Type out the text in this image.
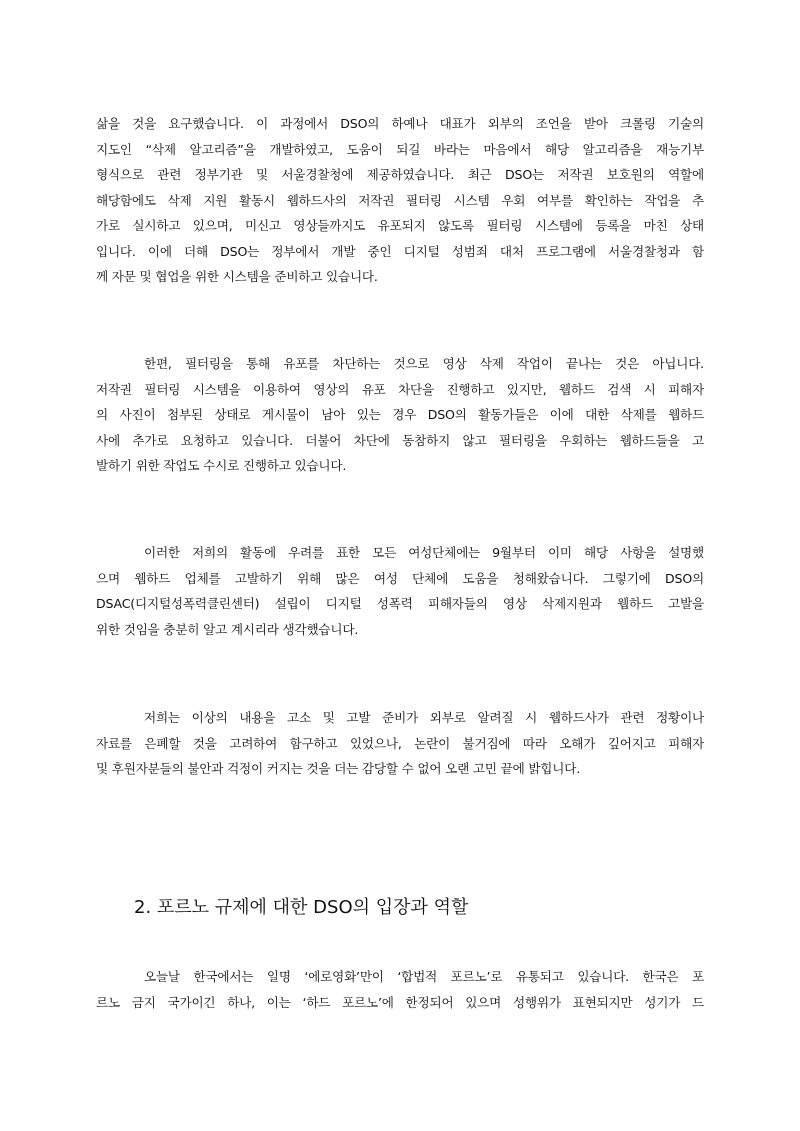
삶을 것을 요구했습니다. 이 과정에서 DSO의 하예나 대표가 외부의 조언을 받아 크롤링 기술의
지도인 “삭제 알고리즘”을 개발하였고, 도움이 되길 바라는 마음에서 해당 알고리즘을 재능기부
형식으로 관련 정부기관 및 서울경찰청에 제공하였습니다. 최근 DSO는 저작권 보호원의 역할에
해당함에도 삭제 지원 활동시 웹하드사의 저작권 필터링 시스템 우회 여부를 확인하는 작업을 추
가로 실시하고 있으며, 미신고 영상들까지도 유포되지 않도록 필터링 시스템에 등록을 마친 상태
입니다. 이에 더해 DSO는 정부에서 개발 중인 디지털 성범죄 대처 프로그램에 서울경찰청과 함
께 자문 및 협업을 위한 시스템을 준비하고 있습니다.

한편, 필터링을 통해 유포를 차단하는 것으로 영상 삭제 작업이 끝나는 것은 아닙니다.
저작권 필터링 시스템을 이용하여 영상의 유포 차단을 진행하고 있지만, 웹하드 검색 시 피해자
의 사진이 첨부된 상태로 게시물이 남아 있는 경우 DSO의 활동가들은 이에 대한 삭제를 웹하드
사에 추가로 요청하고 있습니다. 더불어 차단에 동참하지 않고 필터링을 우회하는 웹하드들을 고
발하기 위한 작업도 수시로 진행하고 있습니다.

이러한 저희의 활동에 우려를 표한 모든 여성단체에는 9월부터 이미 해당 사항을 설명했
으며 웹하드 업체를 고발하기 위해 많은 여성 단체에 도움을 청해왔습니다. 그렇기에 DSO의
DSAC(디지털성폭력클린센터) 설립이 디지털 성폭력 피해자들의 영상 삭제지원과 웹하드 고발을
위한 것임을 충분히 알고 계시리라 생각했습니다.

저희는 이상의 내용을 고소 및 고발 준비가 외부로 알려질 시 웹하드사가 관련 정황이나
자료를 은폐할 것을 고려하여 함구하고 있었으나, 논란이 불거짐에 따라 오해가 깊어지고 피해자
및 후원자분들의 불안과 걱정이 커지는 것을 더는 감당할 수 없어 오랜 고민 끝에 밝힙니다.

2. 포르노 규제에 대한 DSO의 입장과 역할

오늘날 한국에서는 일명 ‘에로영화’만이 ‘합법적 포르노’로 유통되고 있습니다. 한국은 포
르노 금지 국가이긴 하나, 이는 ‘하드 포르노’에 한정되어 있으며 성행위가 표현되지만 성기가 드
